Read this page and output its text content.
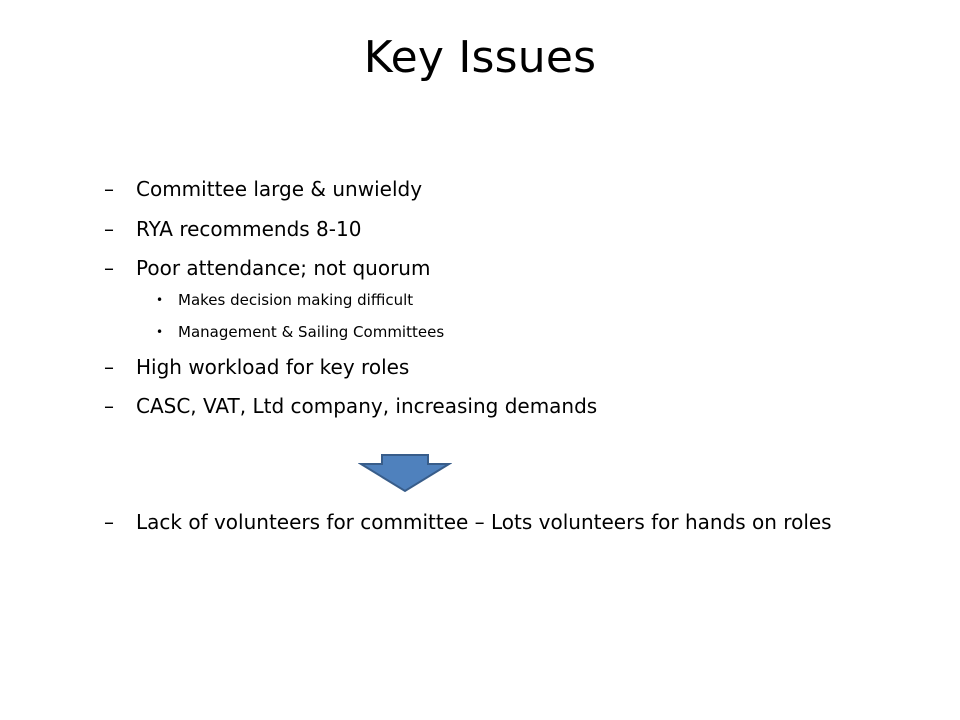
Key Issues
–	Committee large & unwieldy
–	RYA recommends 8-10
–	Poor attendance; not quorum
• Makes decision making difficult
• Management & Sailing Committees
–	High workload for key roles
–	CASC, VAT, Ltd company, increasing demands
–	Lack of volunteers for committee – Lots volunteers for hands on roles
